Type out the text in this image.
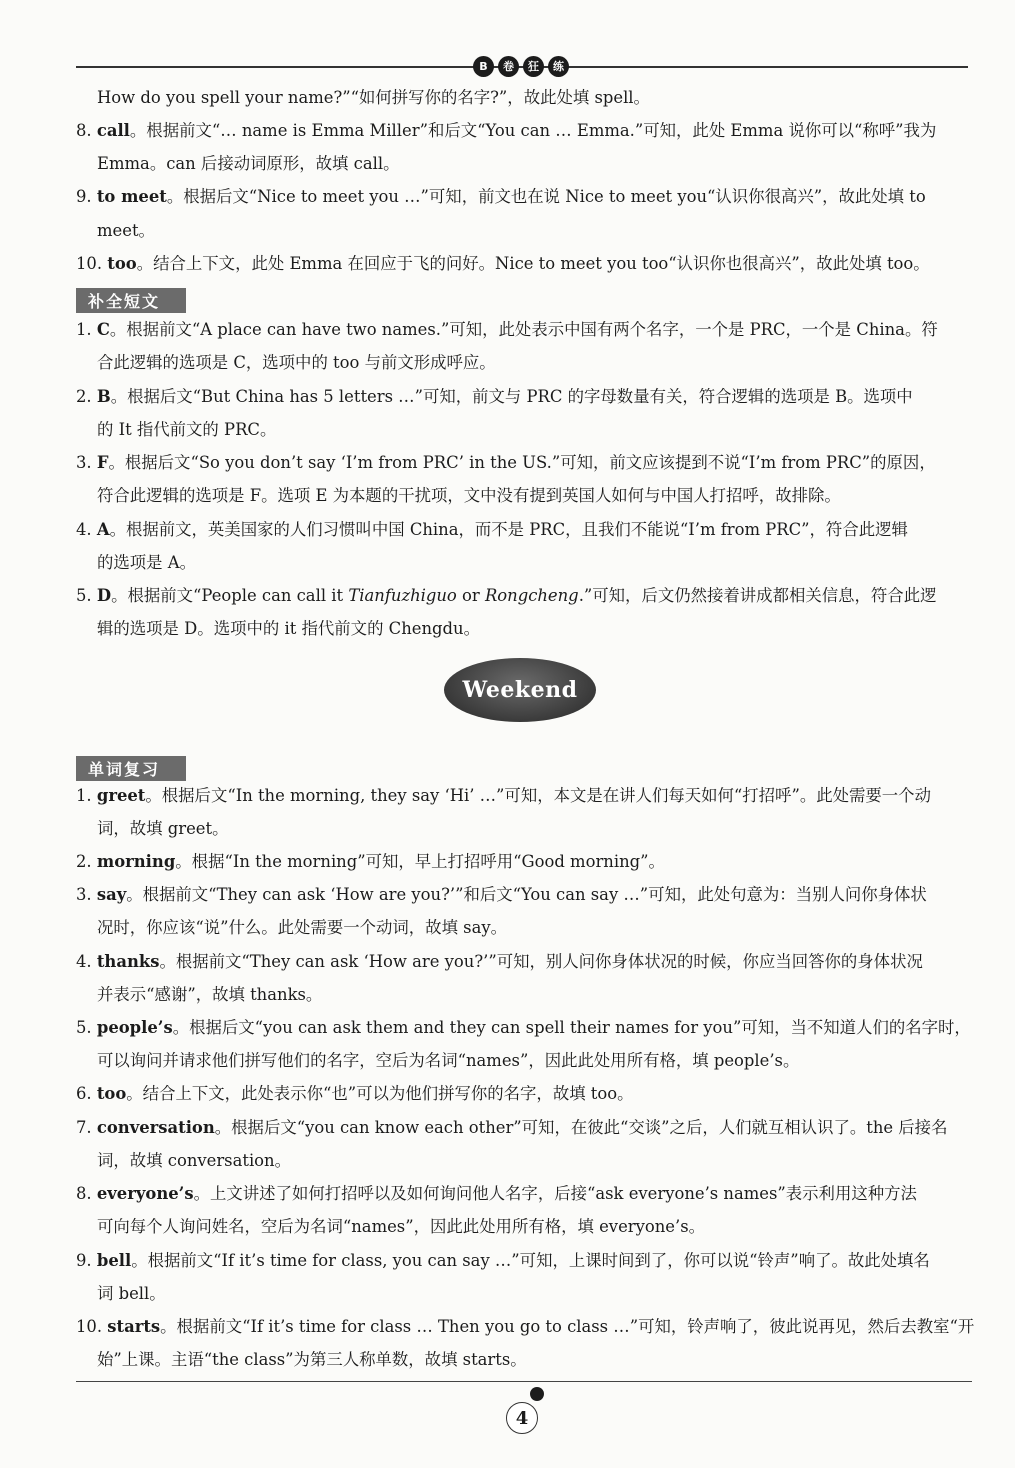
B	卷	狂	练
How do you spell your name?”“如何拼写你的名字?”，故此处填 spell。
8. call。根据前文“… name is Emma Miller”和后文“You can … Emma.”可知，此处 Emma 说你可以“称呼”我为
Emma。can 后接动词原形，故填 call。
9. to meet。根据后文“Nice to meet you …”可知，前文也在说 Nice to meet you“认识你很高兴”，故此处填 to
meet。
10. too。结合上下文，此处 Emma 在回应于飞的问好。Nice to meet you too“认识你也很高兴”，故此处填 too。
补全短文
1. C。根据前文“A place can have two names.”可知，此处表示中国有两个名字，一个是 PRC，一个是 China。符
合此逻辑的选项是 C，选项中的 too 与前文形成呼应。
2. B。根据后文“But China has 5 letters …”可知，前文与 PRC 的字母数量有关，符合逻辑的选项是 B。选项中
的 It 指代前文的 PRC。
3. F。根据后文“So you don’t say ‘I’m from PRC’ in the US.”可知，前文应该提到不说“I’m from PRC”的原因，
符合此逻辑的选项是 F。选项 E 为本题的干扰项，文中没有提到英国人如何与中国人打招呼，故排除。
4. A。根据前文，英美国家的人们习惯叫中国 China，而不是 PRC，且我们不能说“I’m from PRC”，符合此逻辑
的选项是 A。
5. D。根据前文“People can call it Tianfuzhiguo or Rongcheng.”可知，后文仍然接着讲成都相关信息，符合此逻
辑的选项是 D。选项中的 it 指代前文的 Chengdu。
单词复习
1. greet。根据后文“In the morning, they say ‘Hi’ …”可知，本文是在讲人们每天如何“打招呼”。此处需要一个动
词，故填 greet。
2. morning。根据“In the morning”可知，早上打招呼用“Good morning”。
3. say。根据前文“They can ask ‘How are you?’”和后文“You can say …”可知，此处句意为：当别人问你身体状
况时，你应该“说”什么。此处需要一个动词，故填 say。
4. thanks。根据前文“They can ask ‘How are you?’”可知，别人问你身体状况的时候，你应当回答你的身体状况
并表示“感谢”，故填 thanks。
5. people’s。根据后文“you can ask them and they can spell their names for you”可知，当不知道人们的名字时，
可以询问并请求他们拼写他们的名字，空后为名词“names”，因此此处用所有格，填 people’s。
6. too。结合上下文，此处表示你“也”可以为他们拼写你的名字，故填 too。
7. conversation。根据后文“you can know each other”可知，在彼此“交谈”之后，人们就互相认识了。the 后接名
词，故填 conversation。
8. everyone’s。上文讲述了如何打招呼以及如何询问他人名字，后接“ask everyone’s names”表示利用这种方法
可向每个人询问姓名，空后为名词“names”，因此此处用所有格，填 everyone’s。
9. bell。根据前文“If it’s time for class, you can say …”可知，上课时间到了，你可以说“铃声”响了。故此处填名
词 bell。
10. starts。根据前文“If it’s time for class … Then you go to class …”可知，铃声响了，彼此说再见，然后去教室“开
始”上课。主语“the class”为第三人称单数，故填 starts。
Weekend
4
